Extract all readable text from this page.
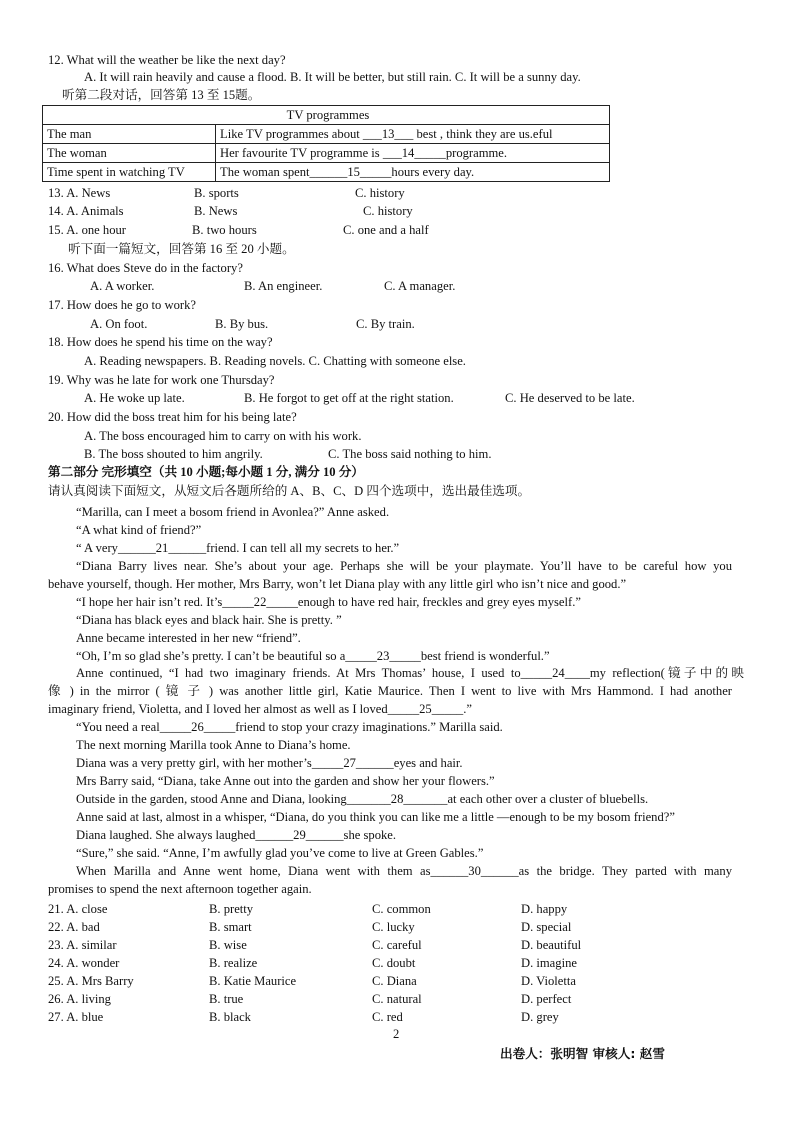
12. What will the weather be like the next day?
A. It will rain heavily and cause a flood. B. It will be better, but still rain. C. It will be a sunny day.
听第二段对话，回答第 13 至 15题。
TV programmes	
The man	Like TV programmes about ___13___ best , think they are us.eful
The woman	Her favourite TV programme is ___14_____programme.
Time spent in watching TV	The woman spent______15_____hours every day.
13. A. News	B. sports	C. history
14. A. Animals	B. News	C. history
15. A. one hour	B. two hours	C. one and a half
听下面一篇短文，回答第 16 至 20 小题。
16. What does Steve do in the factory?
A. A worker.	B. An engineer.	C. A manager.
17. How does he go to work?
A. On foot.	B. By bus.	C. By train.
18. How does he spend his time on the way?
A. Reading newspapers. B. Reading novels. C. Chatting with someone else.
19. Why was he late for work one Thursday?
A. He woke up late.	B. He forgot to get off at the right station.	C. He deserved to be late.
20. How did the boss treat him for his being late?
A. The boss encouraged him to carry on with his work.
B. The boss shouted to him angrily.	C. The boss said nothing to him.
第二部分 完形填空（共 10 小题;每小题 1 分, 满分 10 分）
请认真阅读下面短文，从短文后各题所给的 A、B、C、D 四个选项中，选出最佳选项。
“Marilla, can I meet a bosom friend in Avonlea?” Anne asked.
“A what kind of friend?”
“ A very______21______friend. I can tell all my secrets to her.”
“Diana Barry lives near. She’s about your age. Perhaps she will be your playmate. You’ll have to be careful how you
behave yourself, though. Her mother, Mrs Barry, won’t let Diana play with any little girl who isn’t nice and good.”
“I hope her hair isn’t red. It’s_____22_____enough to have red hair, freckles and grey eyes myself.”
“Diana has black eyes and black hair. She is pretty. ”
Anne became interested in her new “friend”.
“Oh, I’m so glad she’s pretty. I can’t be beautiful so a_____23_____best friend is wonderful.”
Anne continued, “I had two imaginary friends. At Mrs Thomas’ house, I used to_____24____my reflection(镜子中的映
像 ) in the mirror ( 镜 子 ) was another little girl, Katie Maurice. Then I went to live with Mrs Hammond. I had another
imaginary friend, Violetta, and I loved her almost as well as I loved_____25_____.”
“You need a real_____26_____friend to stop your crazy imaginations.” Marilla said.
The next morning Marilla took Anne to Diana’s home.
Diana was a very pretty girl, with her mother’s_____27______eyes and hair.
Mrs Barry said, “Diana, take Anne out into the garden and show her your flowers.”
Outside in the garden, stood Anne and Diana, looking_______28_______at each other over a cluster of bluebells.
Anne said at last, almost in a whisper, “Diana, do you think you can like me a little —enough to be my bosom friend?”
Diana laughed. She always laughed______29______she spoke.
“Sure,” she said. “Anne, I’m awfully glad you’ve come to live at Green Gables.”
When Marilla and Anne went home, Diana went with them as______30______as the bridge. They parted with many
promises to spend the next afternoon together again.
21. A. close	B. pretty	C. common	D. happy
22. A. bad	B. smart	C. lucky	D. special
23. A. similar	B. wise	C. careful	D. beautiful
24. A. wonder	B. realize	C. doubt	D. imagine
25. A. Mrs Barry	B. Katie Maurice	C. Diana	D. Violetta
26. A. living	B. true	C. natural	D. perfect
27. A. blue	B. black	C. red	D. grey
2
出卷人：张明智 审核人: 赵雪
